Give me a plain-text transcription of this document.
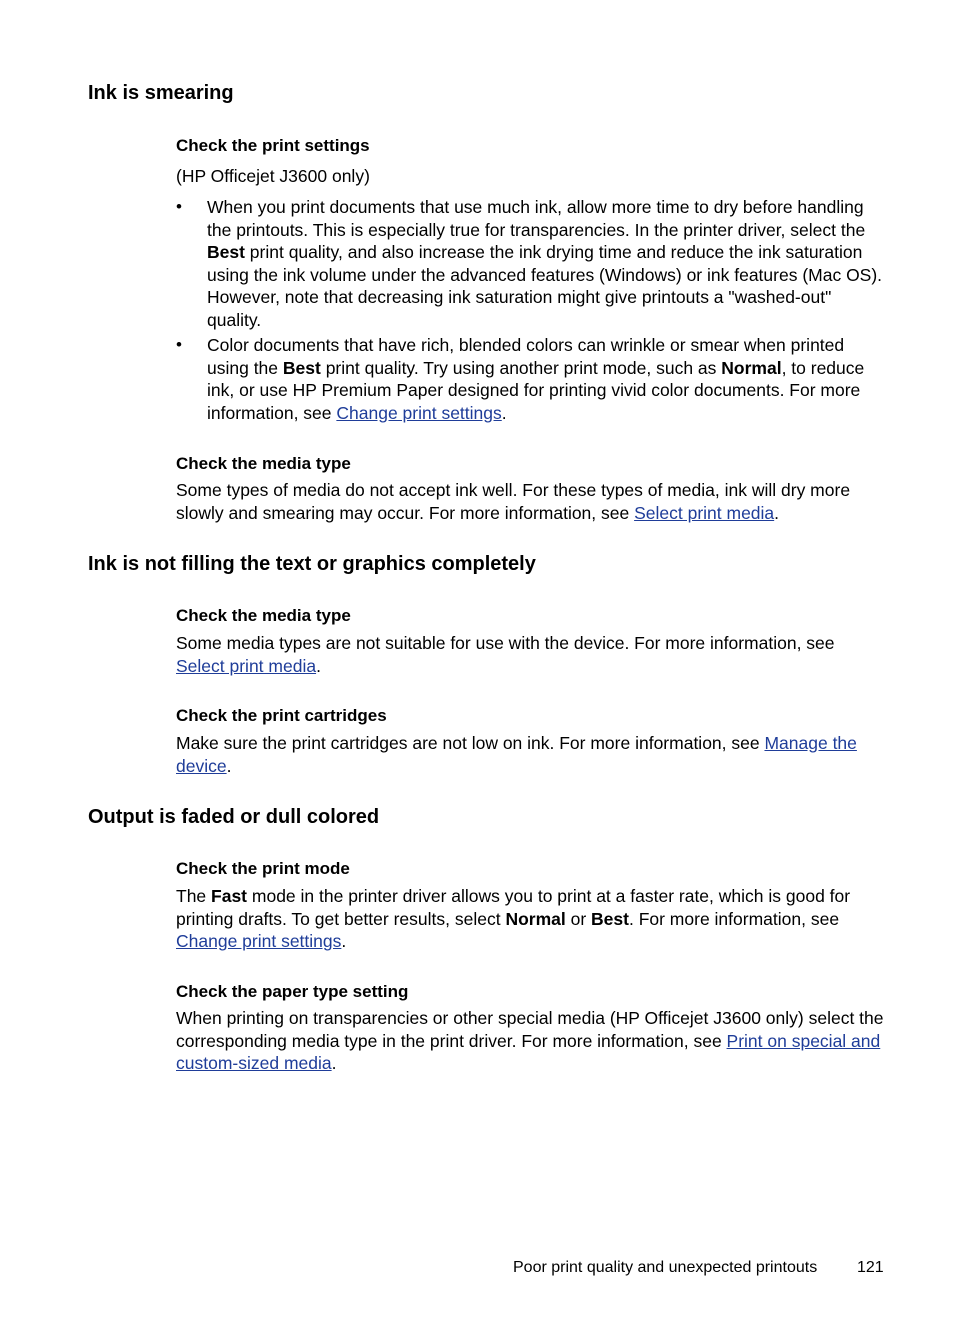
Ink is smearing
Check the print settings

(HP Officejet J3600 only)

• When you print documents that use much ink, allow more time to dry before handling the printouts. This is especially true for transparencies. In the printer driver, select the Best print quality, and also increase the ink drying time and reduce the ink saturation using the ink volume under the advanced features (Windows) or ink features (Mac OS). However, note that decreasing ink saturation might give printouts a "washed-out" quality.

• Color documents that have rich, blended colors can wrinkle or smear when printed using the Best print quality. Try using another print mode, such as Normal, to reduce ink, or use HP Premium Paper designed for printing vivid color documents. For more information, see Change print settings.

Check the media type

Some types of media do not accept ink well. For these types of media, ink will dry more slowly and smearing may occur. For more information, see Select print media.

Ink is not filling the text or graphics completely
Check the media type

Some media types are not suitable for use with the device. For more information, see Select print media.

Check the print cartridges

Make sure the print cartridges are not low on ink. For more information, see Manage the device.

Output is faded or dull colored
Check the print mode

The Fast mode in the printer driver allows you to print at a faster rate, which is good for printing drafts. To get better results, select Normal or Best. For more information, see Change print settings.

Check the paper type setting

When printing on transparencies or other special media (HP Officejet J3600 only) select the corresponding media type in the print driver. For more information, see Print on special and custom-sized media.

Poor print quality and unexpected printouts 121
